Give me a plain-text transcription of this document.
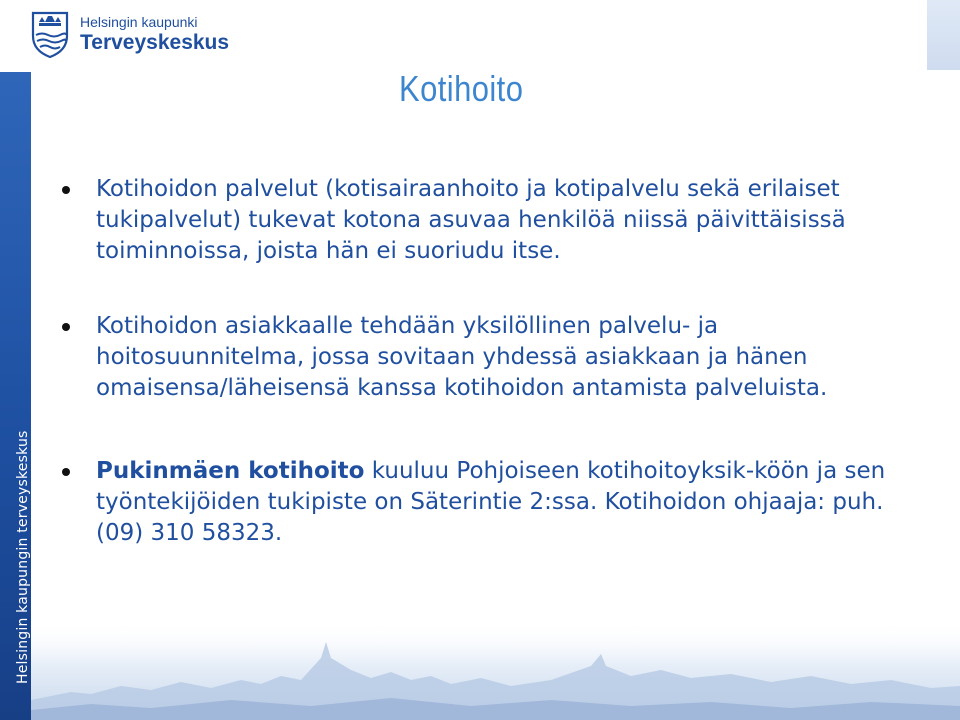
Helsingin kaupunki
Terveyskeskus
Helsingin kaupungin terveyskeskus
Kotihoito
Kotihoidon palvelut (kotisairaanhoito ja kotipalvelu sekä erilaiset tukipalvelut) tukevat kotona asuvaa henkilöä niissä päivittäisissä toiminnoissa, joista hän ei suoriudu itse.
Kotihoidon asiakkaalle tehdään yksilöllinen palvelu- ja hoitosuunnitelma, jossa sovitaan yhdessä asiakkaan ja hänen omaisensa/läheisensä kanssa kotihoidon antamista palveluista.
Pukinmäen kotihoito kuuluu Pohjoiseen kotihoitoyksik-köön ja sen työntekijöiden tukipiste on Säterintie 2:ssa. Kotihoidon ohjaaja: puh. (09) 310 58323.
